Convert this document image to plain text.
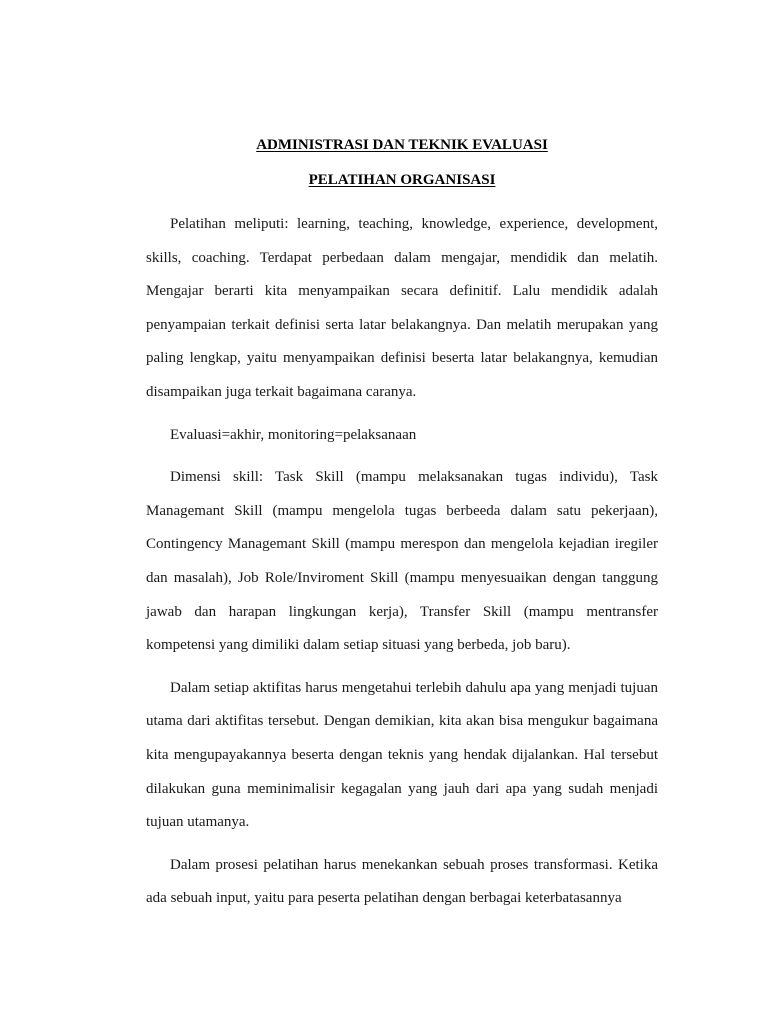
ADMINISTRASI DAN TEKNIK EVALUASI
PELATIHAN ORGANISASI

Pelatihan meliputi: learning, teaching, knowledge, experience, development, skills, coaching. Terdapat perbedaan dalam mengajar, mendidik dan melatih. Mengajar berarti kita menyampaikan secara definitif. Lalu mendidik adalah penyampaian terkait definisi serta latar belakangnya. Dan melatih merupakan yang paling lengkap, yaitu menyampaikan definisi beserta latar belakangnya, kemudian disampaikan juga terkait bagaimana caranya.

Evaluasi=akhir, monitoring=pelaksanaan

Dimensi skill: Task Skill (mampu melaksanakan tugas individu), Task Managemant Skill (mampu mengelola tugas berbeeda dalam satu pekerjaan), Contingency Managemant Skill (mampu merespon dan mengelola kejadian iregiler dan masalah), Job Role/Inviroment Skill (mampu menyesuaikan dengan tanggung jawab dan harapan lingkungan kerja), Transfer Skill (mampu mentransfer kompetensi yang dimiliki dalam setiap situasi yang berbeda, job baru).

Dalam setiap aktifitas harus mengetahui terlebih dahulu apa yang menjadi tujuan utama dari aktifitas tersebut. Dengan demikian, kita akan bisa mengukur bagaimana kita mengupayakannya beserta dengan teknis yang hendak dijalankan. Hal tersebut dilakukan guna meminimalisir kegagalan yang jauh dari apa yang sudah menjadi tujuan utamanya.

Dalam prosesi pelatihan harus menekankan sebuah proses transformasi. Ketika ada sebuah input, yaitu para peserta pelatihan dengan berbagai keterbatasannya
